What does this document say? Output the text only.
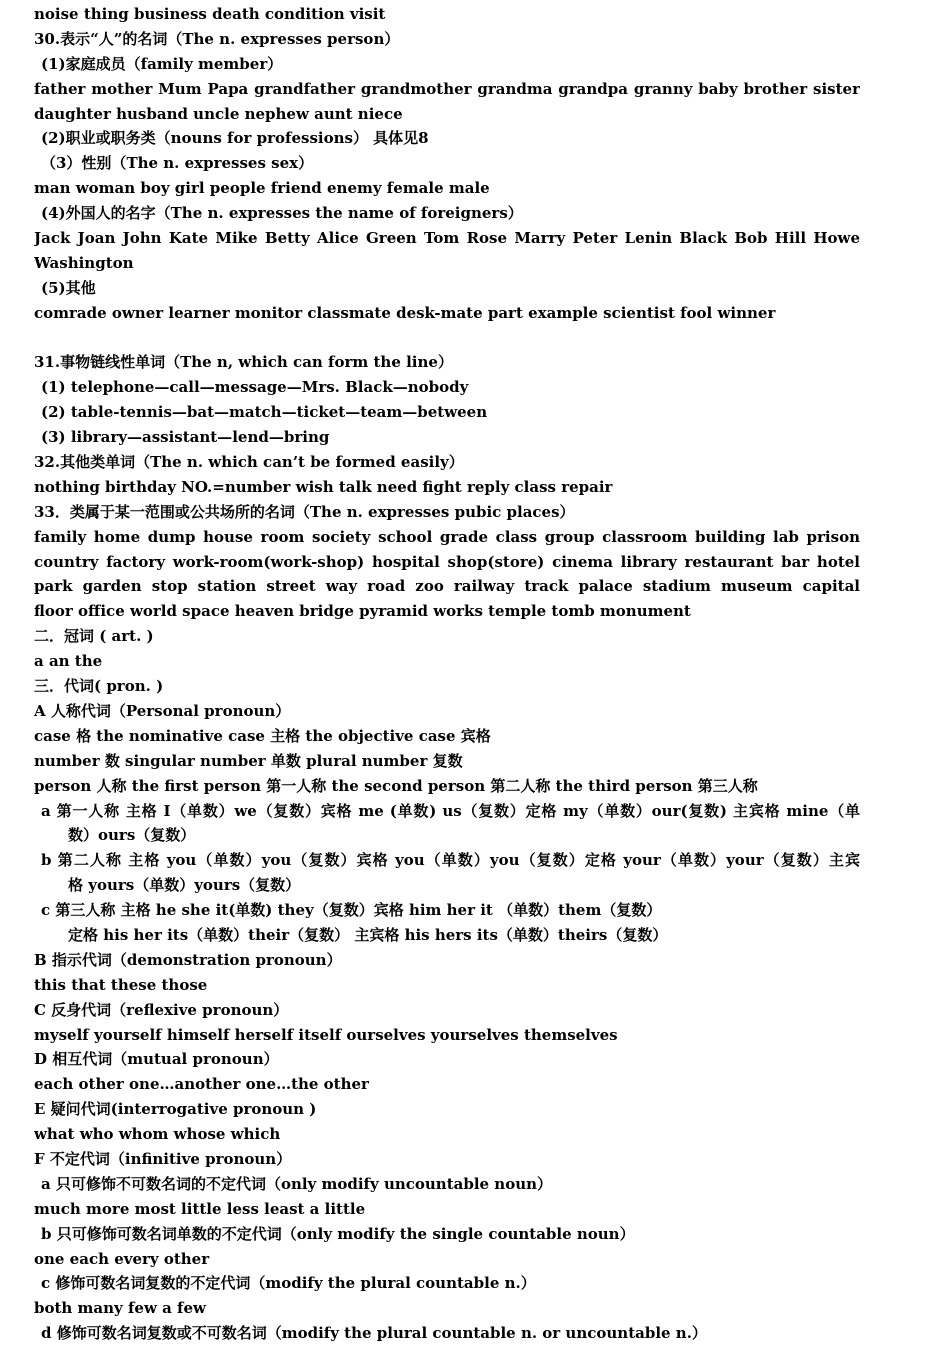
noise thing business death condition visit
30.表示“人”的名词（The n. expresses person）
(1)家庭成员（family member）
father mother Mum Papa grandfather grandmother grandma grandpa granny baby brother sister
daughter husband uncle nephew aunt niece
(2)职业或职务类（nouns for professions） 具体见8
（3）性别（The n. expresses sex）
man woman boy girl people friend enemy female male
(4)外国人的名字（The n. expresses the name of foreigners）
Jack Joan John Kate Mike Betty Alice Green Tom Rose Marry Peter Lenin Black Bob Hill Howe
Washington
(5)其他
comrade owner learner monitor classmate desk-mate part example scientist fool winner
31.事物链线性单词（The n, which can form the line）
(1) telephone—call—message—Mrs. Black—nobody
(2) table-tennis—bat—match—ticket—team—between
(3) library—assistant—lend—bring
32.其他类单词（The n. which can’t be formed easily）
nothing birthday NO.=number wish talk need fight reply class repair
33．类属于某一范围或公共场所的名词（The n. expresses pubic places）
family home dump house room society school grade class group classroom building lab prison
country factory work-room(work-shop) hospital shop(store) cinema library restaurant bar hotel
park garden stop station street way road zoo railway track palace stadium museum capital
floor office world space heaven bridge pyramid works temple tomb monument
二．冠词 ( art. )
a an the
三．代词( pron. )
A 人称代词（Personal pronoun）
case 格 the nominative case 主格 the objective case 宾格
number 数 singular number 单数 plural number 复数
person 人称 the first person 第一人称 the second person 第二人称 the third person 第三人称
a 第一人称 主格 I（单数）we（复数）宾格 me (单数) us（复数）定格 my（单数）our(复数) 主宾格 mine（单
数）ours（复数）
b 第二人称 主格 you（单数）you（复数）宾格 you（单数）you（复数）定格 your（单数）your（复数）主宾
格 yours（单数）yours（复数）
c 第三人称 主格 he she it(单数) they（复数）宾格 him her it （单数）them（复数）
定格 his her its（单数）their（复数） 主宾格 his hers its（单数）theirs（复数）
B 指示代词（demonstration pronoun）
this that these those
C 反身代词（reflexive pronoun）
myself yourself himself herself itself ourselves yourselves themselves
D 相互代词（mutual pronoun）
each other one…another one…the other
E 疑问代词(interrogative pronoun )
what who whom whose which
F 不定代词（infinitive pronoun）
a 只可修饰不可数名词的不定代词（only modify uncountable noun）
much more most little less least a little
b 只可修饰可数名词单数的不定代词（only modify the single countable noun）
one each every other
c 修饰可数名词复数的不定代词（modify the plural countable n.）
both many few a few
d 修饰可数名词复数或不可数名词（modify the plural countable n. or uncountable n.）
